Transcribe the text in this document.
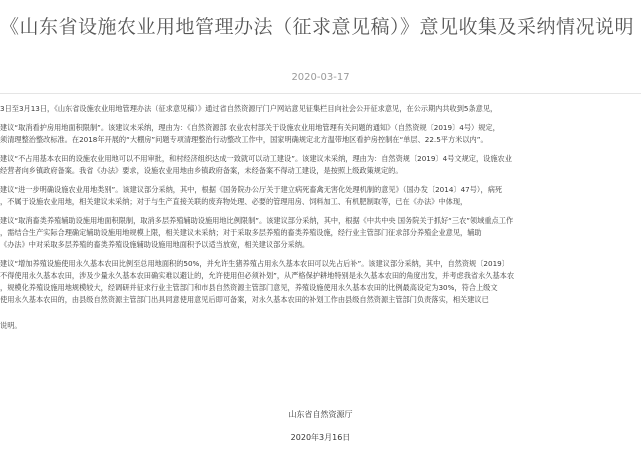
《山东省设施农业用地管理办法（征求意见稿）》意见收集及采纳情况说明
2020-03-17
3日至3月13日，《山东省设施农业用地管理办法（征求意见稿）》通过省自然资源厅门户网站意见征集栏目向社会公开征求意见，在公示期内共收到5条意见，
建议“取消看护房用地面积限制”。该建议未采纳，理由为：《自然资源部 农业农村部关于设施农业用地管理有关问题的通知》（自然资规〔2019〕4号）规定，
须清理整治整改标准。在2018年开展的“大棚房”问题专项清理整治行动整改工作中，国家明确规定北方温带地区看护房控制在“单层、22.5平方米以内”。
建议“不占用基本农田的设施农业用地可以不用审批，和村经济组织达成一致就可以动工建设”。该建议未采纳，理由为：自然资规〔2019〕4号文规定，设施农业
经营者向乡镇政府备案。我省《办法》要求，设施农业用地由乡镇政府备案，未经备案不得动工建设，是按照上级政策规定的。
建议“进一步明确设施农业用地类别”。该建议部分采纳，其中，根据《国务院办公厅关于建立病死畜禽无害化处理机制的意见》（国办发〔2014〕47号），病死
，不属于设施农业用地，相关建议未采纳；对于与生产直接关联的废弃物处理、必要的管理用房、饲料加工、有机肥制取等，已在《办法》中体现，
建议“取消畜类养殖辅助设施用地面积限制，取消多层养殖辅助设施用地比例限制”。该建议部分采纳，其中，根据《中共中央 国务院关于抓好“三农”领域重点工作
，需结合生产实际合理确定辅助设施用地规模上限，相关建议未采纳；对于采取多层养殖的畜类养殖设施，经行业主管部门征求部分养殖企业意见，辅助
《办法》中对采取多层养殖的畜类养殖设施辅助设施用地面积予以适当放宽，相关建议部分采纳。
建议“增加养殖设施使用永久基本农田比例至总用地面积的50%，并允许生猪养殖占用永久基本农田可以先占后补”。该建议部分采纳，其中，自然资规〔2019〕
不得使用永久基本农田，涉及少量永久基本农田确实难以避让的，允许使用但必须补划”，从严格保护耕地特别是永久基本农田的角度出发，并考虑我省永久基本农
，规模化养殖设施用地规模较大，经调研并征求行业主管部门和市县自然资源主管部门意见，养殖设施使用永久基本农田的比例最高设定为30%，符合上级文
使用永久基本农田的，由县级自然资源主管部门出具同意使用意见后即可备案，对永久基本农田的补划工作由县级自然资源主管部门负责落实，相关建议已
说明。
山东省自然资源厅
2020年3月16日
